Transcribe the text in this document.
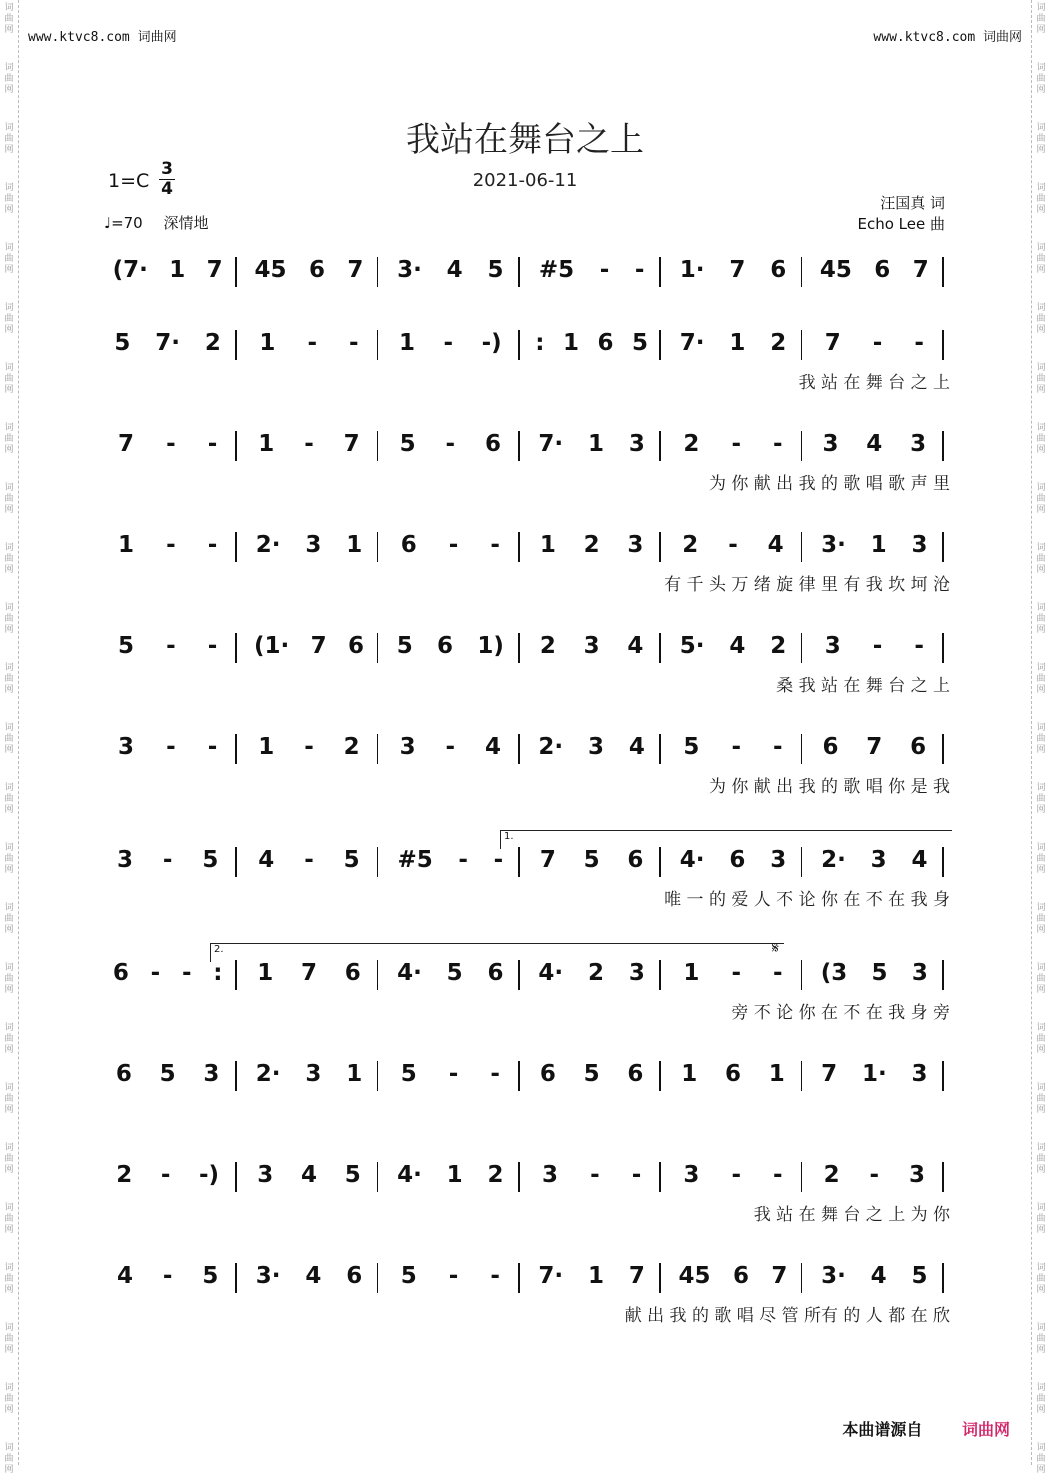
词
曲
网
词
曲
网
词
曲
网
词
曲
网
词
曲
网
词
曲
网
词
曲
网
词
曲
网
词
曲
网
词
曲
网
词
曲
网
词
曲
网
词
曲
网
词
曲
网
词
曲
网
词
曲
网
词
曲
网
词
曲
网
词
曲
网
词
曲
网
词
曲
网
词
曲
网
词
曲
网
词
曲
网
词
曲
网
词
曲
网
词
曲
网
词
曲
网
词
曲
网
词
曲
网
词
曲
网
词
曲
网
词
曲
网
词
曲
网
词
曲
网
词
曲
网
词
曲
网
词
曲
网
词
曲
网
词
曲
网
词
曲
网
词
曲
网
词
曲
网
词
曲
网
词
曲
网
词
曲
网
词
曲
网
词
曲
网
词
曲
网
词
曲
网
www.ktvc8.com 词曲网	www.ktvc8.com 词曲网
我站在舞台之上
2021-06-11
1=C
3
4
♩=70 深情地
汪国真 词
Echo Lee 曲
(7· 1 7 45 6 7 3· 4 5 #5 - - 1· 7 6 45 6 7
5 7· 2 1 - - 1 - -) : 1 6 5 7· 1 2 7 - -
我 站 在 舞 台 之 上
7 - - 1 - 7 5 - 6 7· 1 3 2 - - 3 4 3
为 你 献 出 我 的 歌 唱 歌 声 里
1 - - 2· 3 1 6 - - 1 2 3 2 - 4 3· 1 3
有 千 头 万 绪 旋 律 里 有 我 坎 坷 沧
5 - - (1· 7 6 5 6 1) 2 3 4 5· 4 2 3 - -
桑 我 站 在 舞 台 之 上
3 - - 1 - 2 3 - 4 2· 3 4 5 - - 6 7 6
为 你 献 出 我 的 歌 唱 你 是 我
3 - 5 4 - 5 #5 - - 7 5 6 4· 6 3 2· 3 4
唯 一 的 爱 人 不 论 你 在 不 在 我 身
6 - - : 1 7 6 4· 5 6 4· 2 3 1 - - (3 5 3
旁 不 论 你 在 不 在 我 身 旁
6 5 3 2· 3 1 5 - - 6 5 6 1 6 1 7 1· 3
2 - -) 3 4 5 4· 1 2 3 - - 3 - - 2 - 3
我 站 在 舞 台 之 上 为 你
4 - 5 3· 4 6 5 - - 7· 1 7 45 6 7 3· 4 5
献 出 我 的 歌 唱 尽 管 所有 的 人 都 在 欣
本曲谱源自 词曲网
1.
2.	𝄋
